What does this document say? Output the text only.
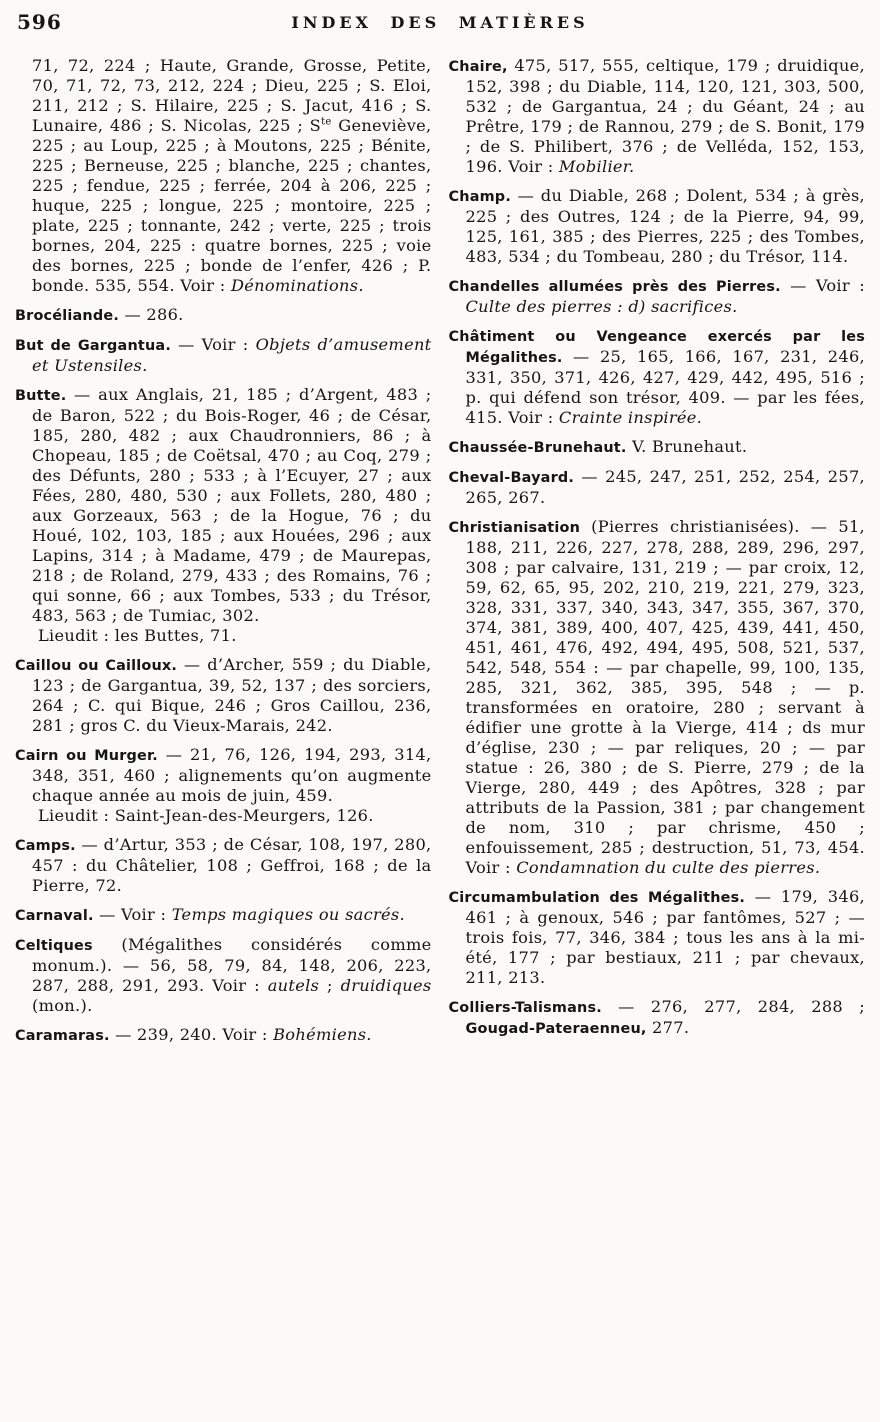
596	INDEX DES MATIÈRES

71, 72, 224 ; Haute, Grande, Grosse, Petite, 70, 71, 72, 73, 212, 224 ; Dieu, 225 ; S. Eloi, 211, 212 ; S. Hilaire, 225 ; S. Jacut, 416 ; S. Lunaire, 486 ; S. Nicolas, 225 ; $S^{te}$ Geneviève, 225 ; au Loup, 225 ; à Moutons, 225 ; Bénite, 225 ; Berneuse, 225 ; blanche, 225 ; chantes, 225 ; fendue, 225 ; ferrée, 204 à 206, 225 ; huque, 225 ; longue, 225 ; montoire, 225 ; plate, 225 ; tonnante, 242 ; verte, 225 ; trois bornes, 204, 225 : quatre bornes, 225 ; voie des bornes, 225 ; bonde de l’enfer, 426 ; P. bonde. 535, 554. Voir : Dénominations.

Brocéliande. — 286.

But de Gargantua. — Voir : Objets d’amusement et Ustensiles.

Butte. — aux Anglais, 21, 185 ; d’Argent, 483 ; de Baron, 522 ; du Bois-Roger, 46 ; de César, 185, 280, 482 ; aux Chaudronniers, 86 ; à Chopeau, 185 ; de Coëtsal, 470 ; au Coq, 279 ; des Défunts, 280 ; 533 ; à l’Ecuyer, 27 ; aux Fées, 280, 480, 530 ; aux Follets, 280, 480 ; aux Gorzeaux, 563 ; de la Hogue, 76 ; du Houé, 102, 103, 185 ; aux Houées, 296 ; aux Lapins, 314 ; à Madame, 479 ; de Maurepas, 218 ; de Roland, 279, 433 ; des Romains, 76 ; qui sonne, 66 ; aux Tombes, 533 ; du Trésor, 483, 563 ; de Tumiac, 302.

Lieudit : les Buttes, 71.

Caillou ou Cailloux. — d’Archer, 559 ; du Diable, 123 ; de Gargantua, 39, 52, 137 ; des sorciers, 264 ; C. qui Bique, 246 ; Gros Caillou, 236, 281 ; gros C. du Vieux-Marais, 242.

Cairn ou Murger. — 21, 76, 126, 194, 293, 314, 348, 351, 460 ; alignements qu’on augmente chaque année au mois de juin, 459.

Lieudit : Saint-Jean-des-Meurgers, 126.

Camps. — d’Artur, 353 ; de César, 108, 197, 280, 457 : du Châtelier, 108 ; Geffroi, 168 ; de la Pierre, 72.

Carnaval. — Voir : Temps magiques ou sacrés.

Celtiques (Mégalithes considérés comme monum.). — 56, 58, 79, 84, 148, 206, 223, 287, 288, 291, 293. Voir : autels ; druidiques (mon.).

Caramaras. — 239, 240. Voir : Bohémiens.

Chaire, 475, 517, 555, celtique, 179 ; druidique, 152, 398 ; du Diable, 114, 120, 121, 303, 500, 532 ; de Gargantua, 24 ; du Géant, 24 ; au Prêtre, 179 ; de Rannou, 279 ; de S. Bonit, 179 ; de S. Philibert, 376 ; de Velléda, 152, 153, 196. Voir : Mobilier.

Champ. — du Diable, 268 ; Dolent, 534 ; à grès, 225 ; des Outres, 124 ; de la Pierre, 94, 99, 125, 161, 385 ; des Pierres, 225 ; des Tombes, 483, 534 ; du Tombeau, 280 ; du Trésor, 114.

Chandelles allumées près des Pierres. — Voir : Culte des pierres : d) sacrifices.

Châtiment ou Vengeance exercés par les Mégalithes. — 25, 165, 166, 167, 231, 246, 331, 350, 371, 426, 427, 429, 442, 495, 516 ; p. qui défend son trésor, 409. — par les fées, 415. Voir : Crainte inspirée.

Chaussée-Brunehaut. V. Brunehaut.

Cheval-Bayard. — 245, 247, 251, 252, 254, 257, 265, 267.

Christianisation (Pierres christianisées). — 51, 188, 211, 226, 227, 278, 288, 289, 296, 297, 308 ; par calvaire, 131, 219 ; — par croix, 12, 59, 62, 65, 95, 202, 210, 219, 221, 279, 323, 328, 331, 337, 340, 343, 347, 355, 367, 370, 374, 381, 389, 400, 407, 425, 439, 441, 450, 451, 461, 476, 492, 494, 495, 508, 521, 537, 542, 548, 554 : — par chapelle, 99, 100, 135, 285, 321, 362, 385, 395, 548 ; — p. transformées en oratoire, 280 ; servant à édifier une grotte à la Vierge, 414 ; ds mur d’église, 230 ; — par reliques, 20 ; — par statue : 26, 380 ; de S. Pierre, 279 ; de la Vierge, 280, 449 ; des Apôtres, 328 ; par attributs de la Passion, 381 ; par changement de nom, 310 ; par chrisme, 450 ; enfouissement, 285 ; destruction, 51, 73, 454. Voir : Condamnation du culte des pierres.

Circumambulation des Mégalithes. — 179, 346, 461 ; à genoux, 546 ; par fantômes, 527 ; — trois fois, 77, 346, 384 ; tous les ans à la mi-été, 177 ; par bestiaux, 211 ; par chevaux, 211, 213.

Colliers-Talismans. — 276, 277, 284, 288 ; Gougad-Pateraenneu, 277.
